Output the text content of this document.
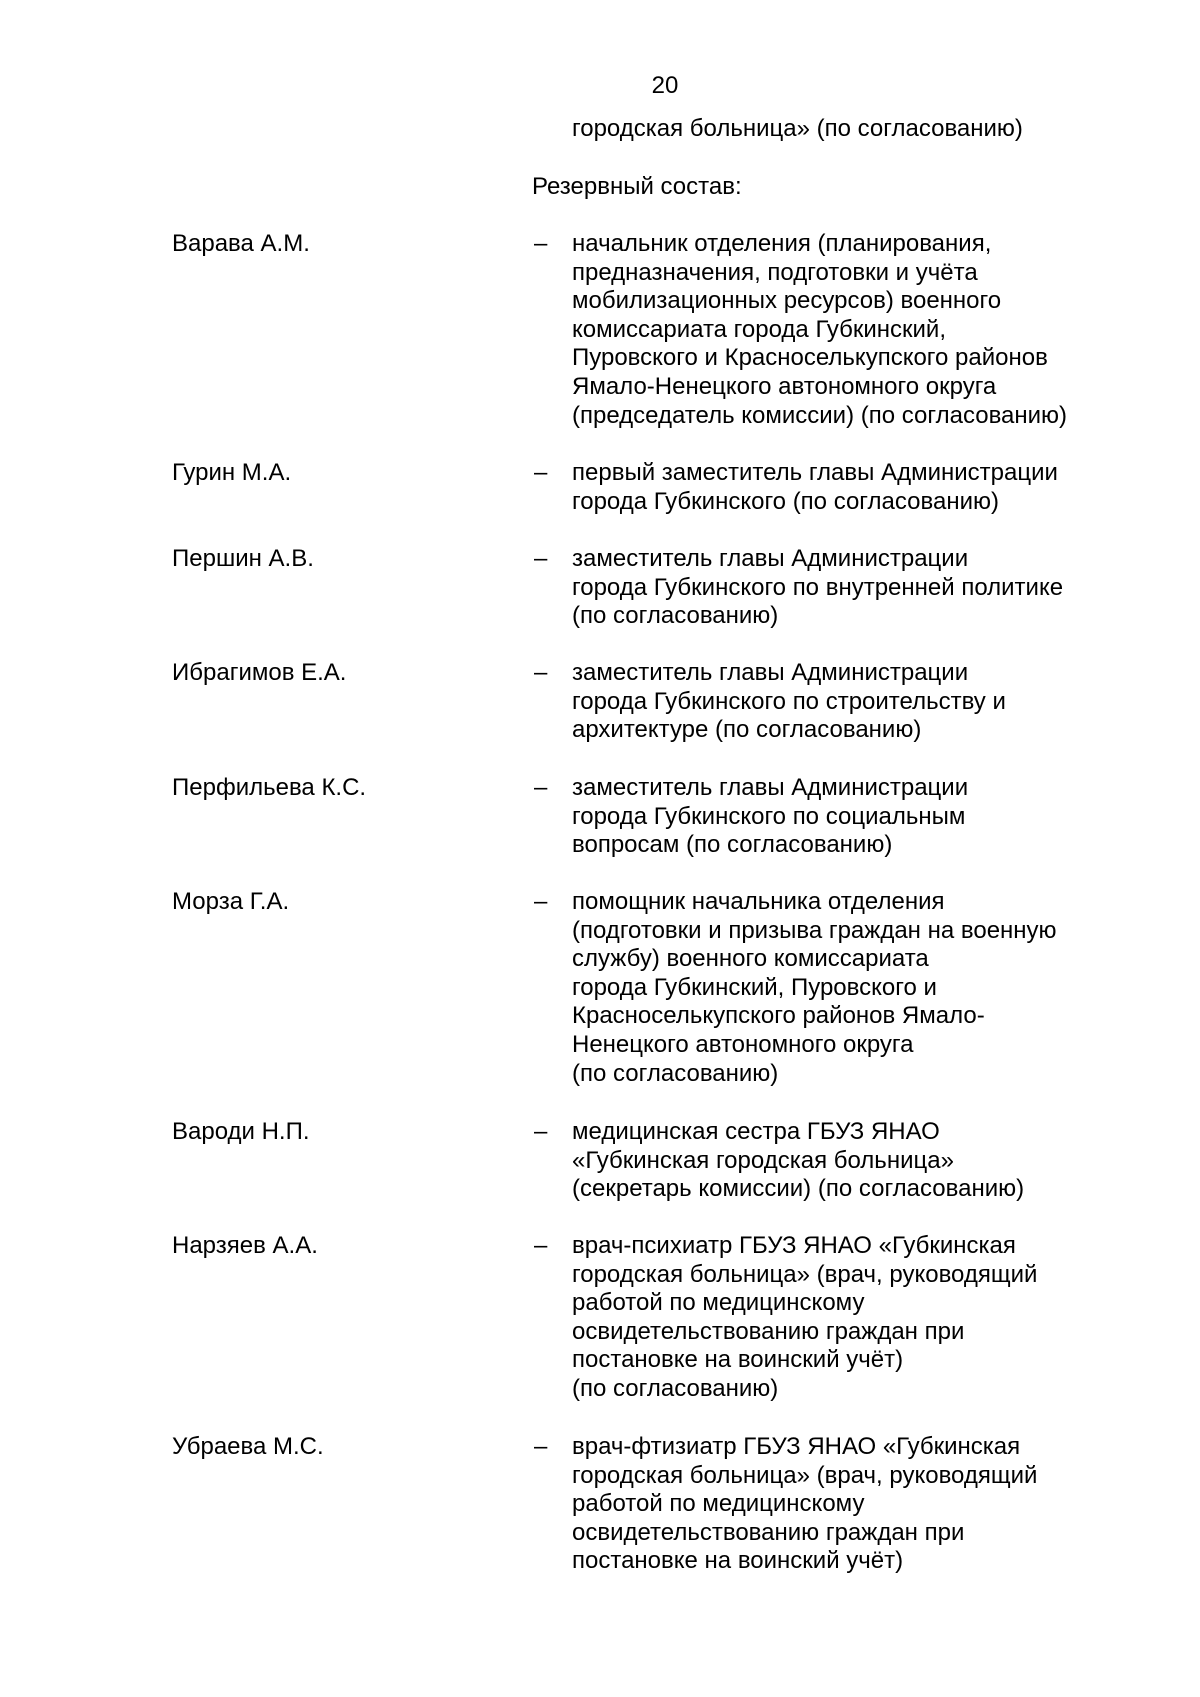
20
городская больница» (по согласованию)
Резервный состав:
Варава А.М.	– начальник отделения (планирования,
предназначения, подготовки и учёта
мобилизационных ресурсов) военного
комиссариата города Губкинский,
Пуровского и Красноселькупского районов
Ямало-Ненецкого автономного округа
(председатель комиссии) (по согласованию)
Гурин М.А.	– первый заместитель главы Администрации
города Губкинского (по согласованию)
Першин А.В.	– заместитель главы Администрации
города Губкинского по внутренней политике
(по согласованию)
Ибрагимов Е.А.	– заместитель главы Администрации
города Губкинского по строительству и
архитектуре (по согласованию)
Перфильева К.С.	– заместитель главы Администрации
города Губкинского по социальным
вопросам (по согласованию)
Морза Г.А.	– помощник начальника отделения
(подготовки и призыва граждан на военную
службу) военного комиссариата
города Губкинский, Пуровского и
Красноселькупского районов Ямало-
Ненецкого автономного округа
(по согласованию)
Вароди Н.П.	– медицинская сестра ГБУЗ ЯНАО
«Губкинская городская больница»
(секретарь комиссии) (по согласованию)
Нарзяев А.А.	– врач-психиатр ГБУЗ ЯНАО «Губкинская
городская больница» (врач, руководящий
работой по медицинскому
освидетельствованию граждан при
постановке на воинский учёт)
(по согласованию)
Убраева М.С.	– врач-фтизиатр ГБУЗ ЯНАО «Губкинская
городская больница» (врач, руководящий
работой по медицинскому
освидетельствованию граждан при
постановке на воинский учёт)
